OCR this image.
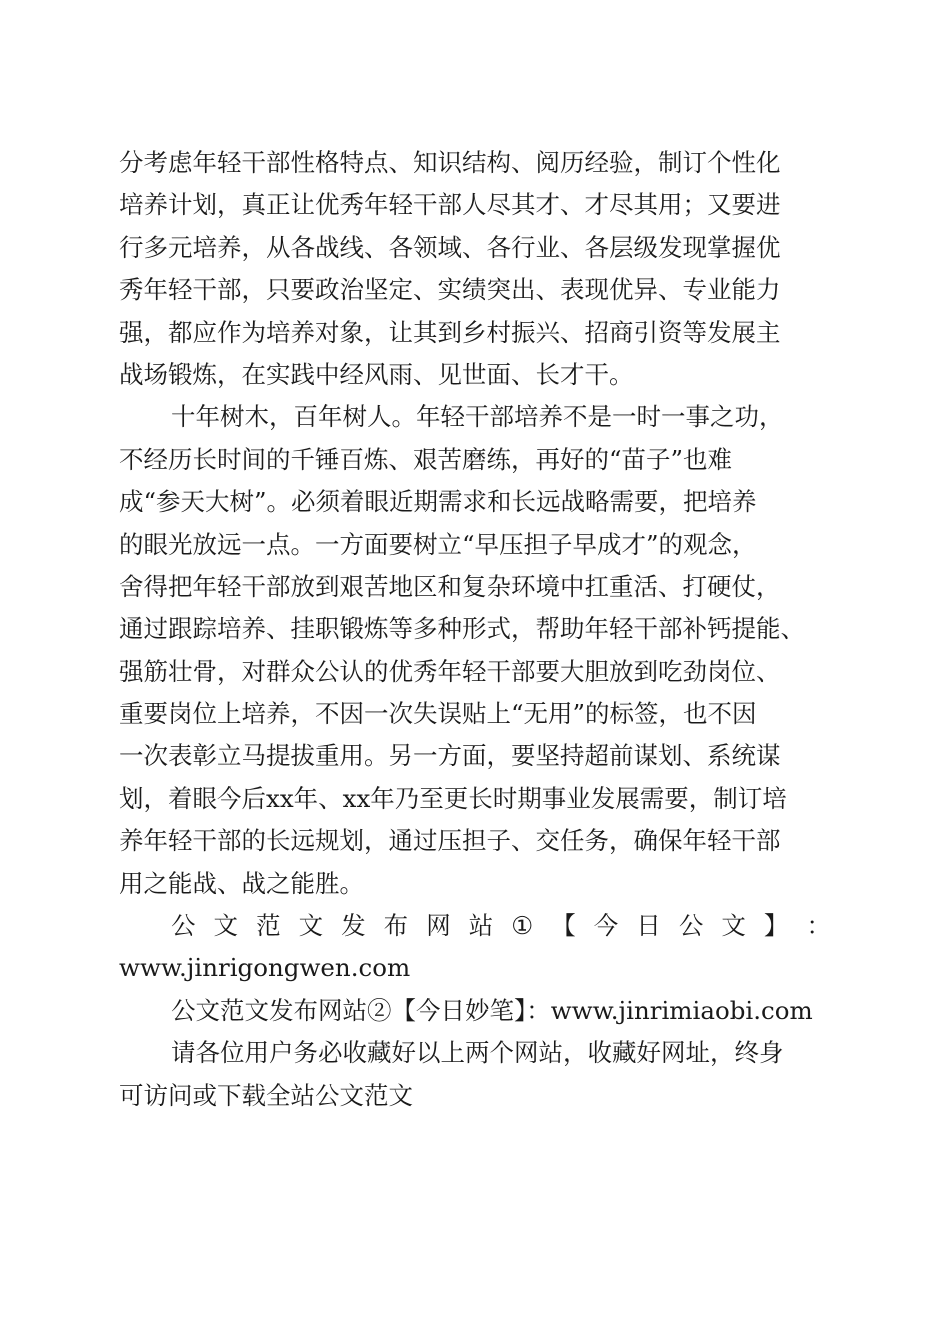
分考虑年轻干部性格特点、知识结构、阅历经验，制订个性化
培养计划，真正让优秀年轻干部人尽其才、才尽其用；又要进
行多元培养，从各战线、各领域、各行业、各层级发现掌握优
秀年轻干部，只要政治坚定、实绩突出、表现优异、专业能力
强，都应作为培养对象，让其到乡村振兴、招商引资等发展主
战场锻炼，在实践中经风雨、见世面、长才干。
十年树木，百年树人。年轻干部培养不是一时一事之功，
不经历长时间的千锤百炼、艰苦磨练，再好的“苗子”也难
成“参天大树”。必须着眼近期需求和长远战略需要，把培养
的眼光放远一点。一方面要树立“早压担子早成才”的观念，
舍得把年轻干部放到艰苦地区和复杂环境中扛重活、打硬仗，
通过跟踪培养、挂职锻炼等多种形式，帮助年轻干部补钙提能、
强筋壮骨，对群众公认的优秀年轻干部要大胆放到吃劲岗位、
重要岗位上培养，不因一次失误贴上“无用”的标签，也不因
一次表彰立马提拔重用。另一方面，要坚持超前谋划、系统谋
划，着眼今后xx年、xx年乃至更长时期事业发展需要，制订培
养年轻干部的长远规划，通过压担子、交任务，确保年轻干部
用之能战、战之能胜。
公 文 范 文 发 布 网 站 ① 【 今 日 公 文 】 ：
www.jinrigongwen.com
公文范文发布网站②【今日妙笔】：www.jinrimiaobi.com
请各位用户务必收藏好以上两个网站，收藏好网址，终身
可访问或下载全站公文范文
